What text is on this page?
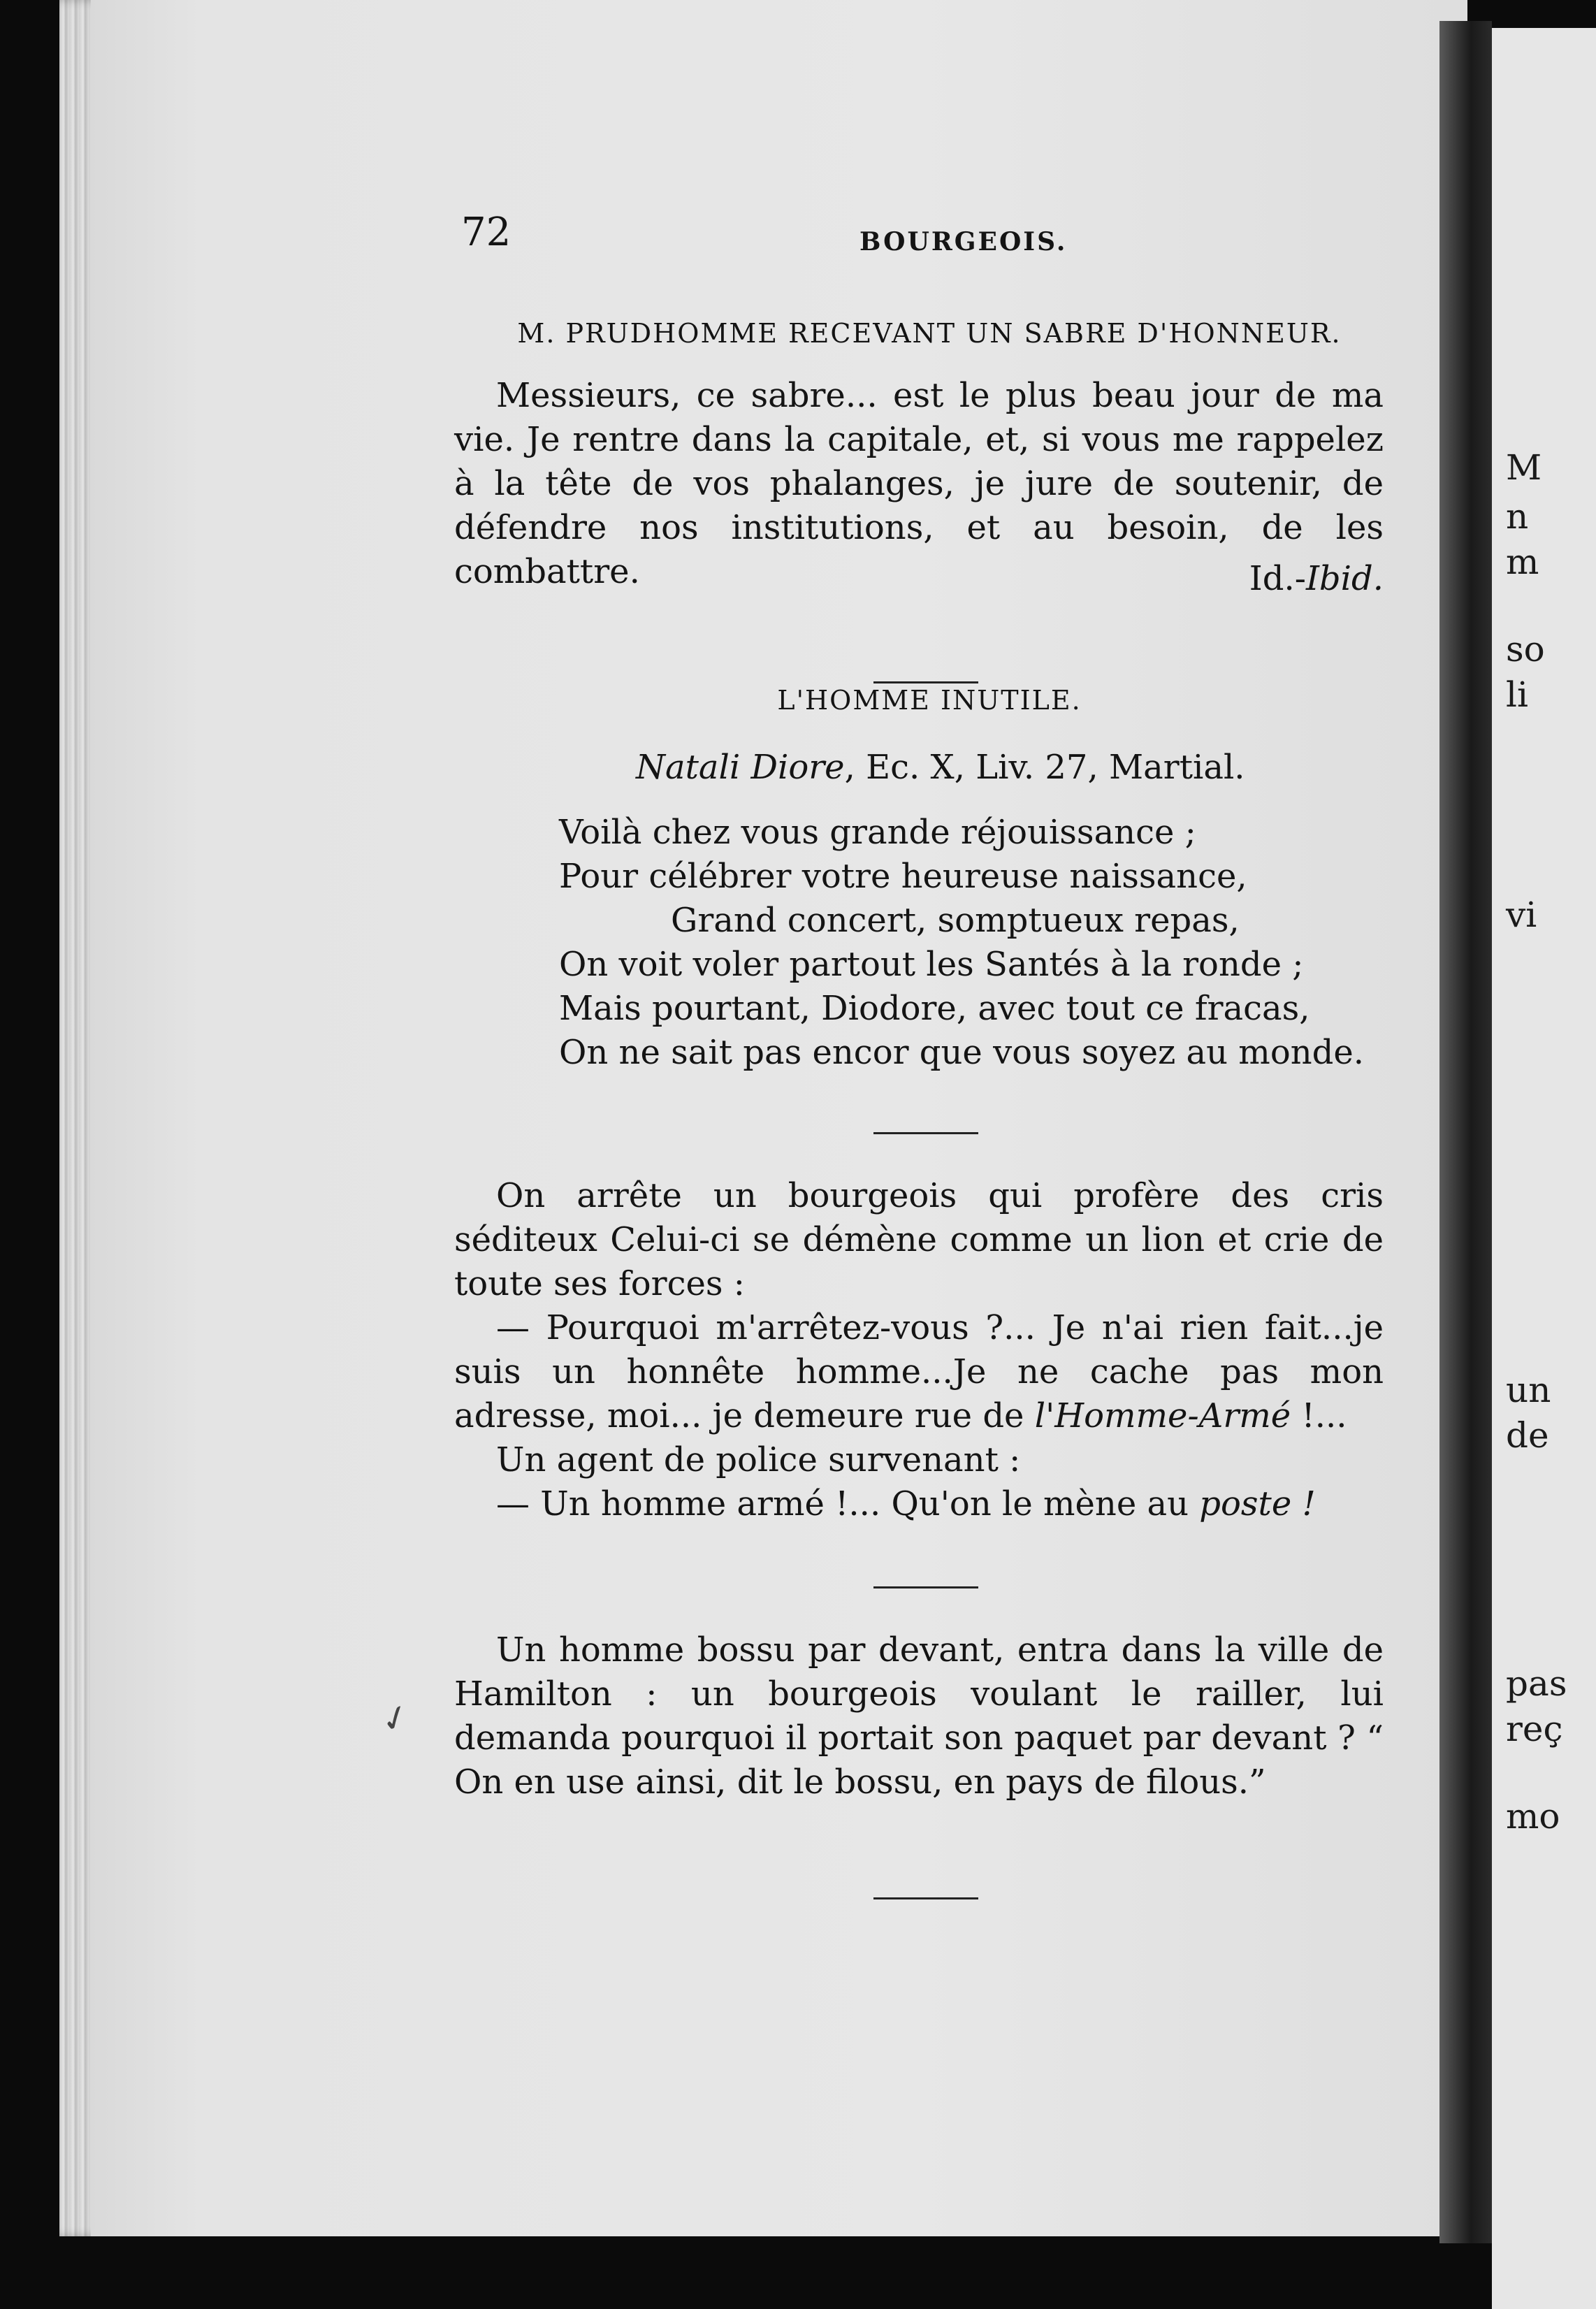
M
n
m
so
li
vi
un
de
pas
reç
mo
72	BOURGEOIS.
M. PRUDHOMME RECEVANT UN SABRE D'HONNEUR.

Messieurs, ce sabre... est le plus beau jour de ma vie. Je rentre dans la capitale, et, si vous me rappelez à la tête de vos phalanges, je jure de soutenir, de défendre nos institutions, et au besoin, de les combattre.	Id.-Ibid.
L'HOMME INUTILE.
Natali Diore, Ec. X, Liv. 27, Martial.
Voilà chez vous grande réjouissance ;
Pour célébrer votre heureuse naissance,
Grand concert, somptueux repas,
On voit voler partout les Santés à la ronde ;
Mais pourtant, Diodore, avec tout ce fracas,
On ne sait pas encor que vous soyez au monde.

On arrête un bourgeois qui profère des cris séditeux Celui-ci se démène comme un lion et crie de toute ses forces :

— Pourquoi m'arrêtez-vous ?... Je n'ai rien fait...je suis un honnête homme...Je ne cache pas mon adresse, moi... je demeure rue de l'Homme-Armé !...

Un agent de police survenant :

— Un homme armé !... Qu'on le mène au poste !

Un homme bossu par devant, entra dans la ville de Hamilton : un bourgeois voulant le railler, lui demanda pourquoi il portait son paquet par devant ? “ On en use ainsi, dit le bossu, en pays de filous.”

✓
